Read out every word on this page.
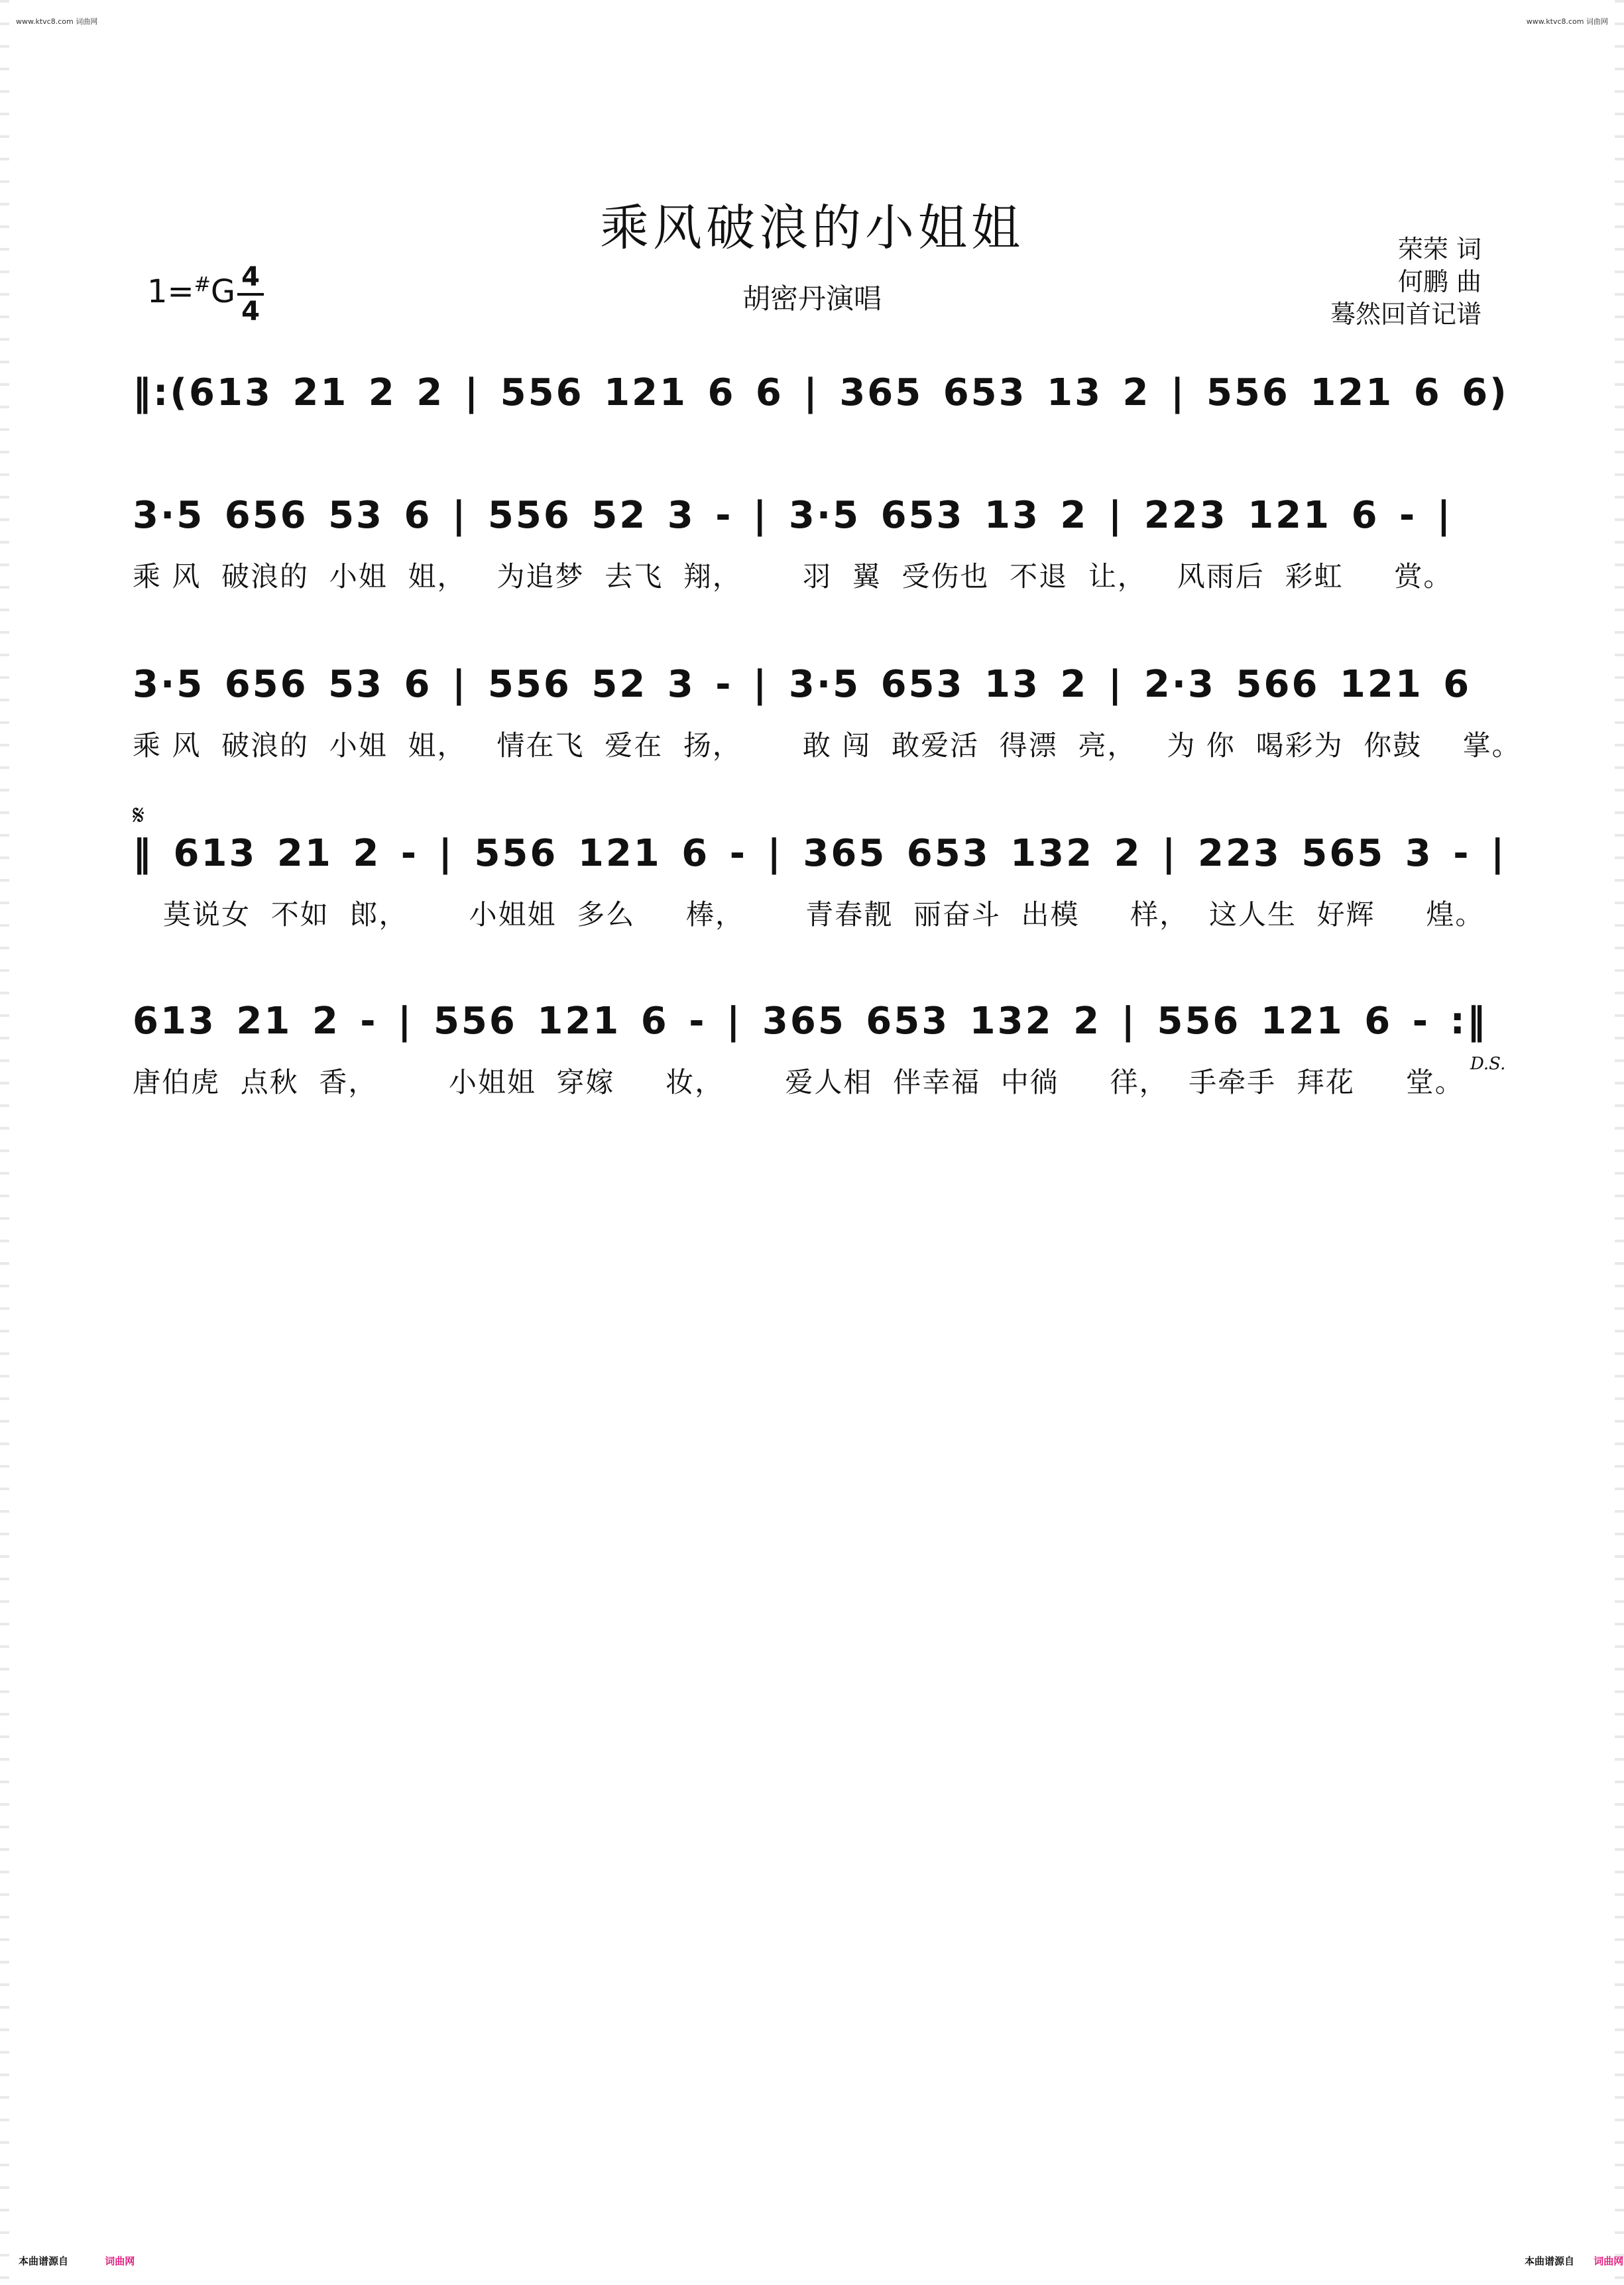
www.ktvc8.com 词曲网	www.ktvc8.com 词曲网
乘风破浪的小姐姐
胡密丹演唱
1=#G 4
4
荣荣 词
何鹏 曲
蓦然回首记谱
‖:(613 21 2 2 | 556 121 6 6 | 365 653 13 2 | 556 121 6 6)
3·5 656 53 6 | 556 52 3 - | 3·5 653 13 2 | 223 121 6 - |
乘 风  破浪的  小姐  姐，   为追梦  去飞  翔，      羽  翼  受伤也  不退  让，   风雨后  彩虹     赏。
3·5 656 53 6 | 556 52 3 - | 3·5 653 13 2 | 2·3 566 121 6
乘 风  破浪的  小姐  姐，   情在飞  爱在  扬，      敢 闯  敢爱活  得漂  亮，   为 你  喝彩为  你鼓    掌。
𝄋
‖ 613 21 2 - | 556 121 6 - | 365 653 132 2 | 223 565 3 - |
莫说女  不如  郎，      小姐姐  多么     棒，      青春靓  丽奋斗  出模     样，  这人生  好辉     煌。
613 21 2 - | 556 121 6 - | 365 653 132 2 | 556 121 6 - :‖
唐伯虎  点秋  香，       小姐姐  穿嫁     妆，      爱人相  伴幸福  中徜     徉，  手牵手  拜花     堂。
D.S.
本曲谱源自	词曲网	本曲谱源自 词曲网
